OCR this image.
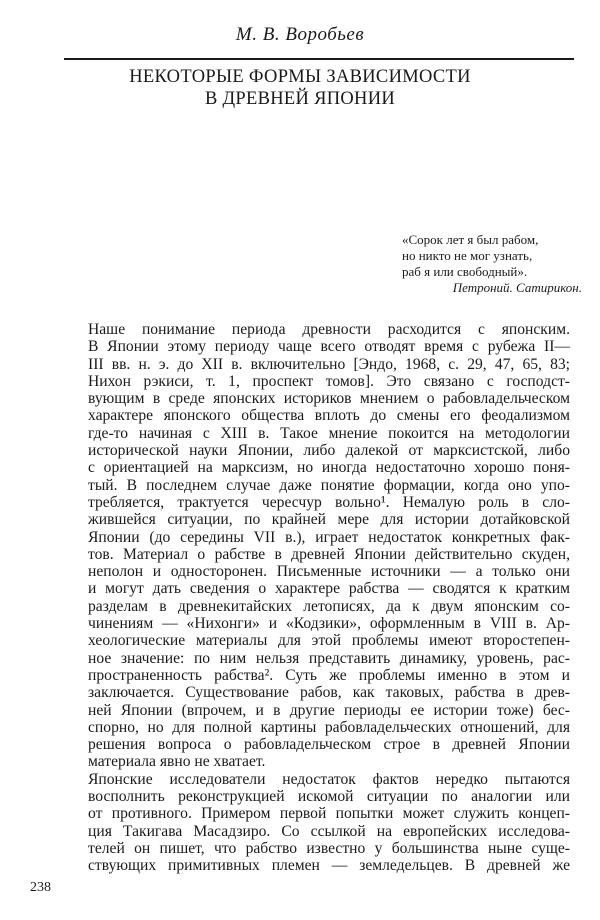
М. В. Воробьев
НЕКОТОРЫЕ ФОРМЫ ЗАВИСИМОСТИ
В ДРЕВНЕЙ ЯПОНИИ
«Сорок лет я был рабом,
но никто не мог узнать,
раб я или свободный».
Петроний. Сатирикон.

Наше понимание периода древности расходится с японским.
В Японии этому периоду чаще всего отводят время с рубежа II—
III вв. н. э. до XII в. включительно [Эндо, 1968, с. 29, 47, 65, 83;
Нихон рэкиси, т. 1, проспект томов]. Это связано с господст-
вующим в среде японских историков мнением о рабовладельческом
характере японского общества вплоть до смены его феодализмом
где-то начиная с XIII в. Такое мнение покоится на методологии
исторической науки Японии, либо далекой от марксистской, либо
с ориентацией на марксизм, но иногда недостаточно хорошо поня-
тый. В последнем случае даже понятие формации, когда оно упо-
требляется, трактуется чересчур вольно¹. Немалую роль в сло-
жившейся ситуации, по крайней мере для истории дотайковской
Японии (до середины VII в.), играет недостаток конкретных фак-
тов. Материал о рабстве в древней Японии действительно скуден,
неполон и односторонен. Письменные источники — а только они
и могут дать сведения о характере рабства — сводятся к кратким
разделам в древнекитайских летописях, да к двум японским со-
чинениям — «Нихонги» и «Кодзики», оформленным в VIII в. Ар-
хеологические материалы для этой проблемы имеют второстепен-
ное значение: по ним нельзя представить динамику, уровень, рас-
пространенность рабства². Суть же проблемы именно в этом и
заключается. Существование рабов, как таковых, рабства в древ-
ней Японии (впрочем, и в другие периоды ее истории тоже) бес-
спорно, но для полной картины рабовладельческих отношений, для
решения вопроса о рабовладельческом строе в древней Японии
материала явно не хватает.

Японские исследователи недостаток фактов нередко пытаются
восполнить реконструкцией искомой ситуации по аналогии или
от противного. Примером первой попытки может служить концеп-
ция Такигава Масадзиро. Со ссылкой на европейских исследова-
телей он пишет, что рабство известно у большинства ныне суще-
ствующих примитивных племен — земледельцев. В древней же

238
